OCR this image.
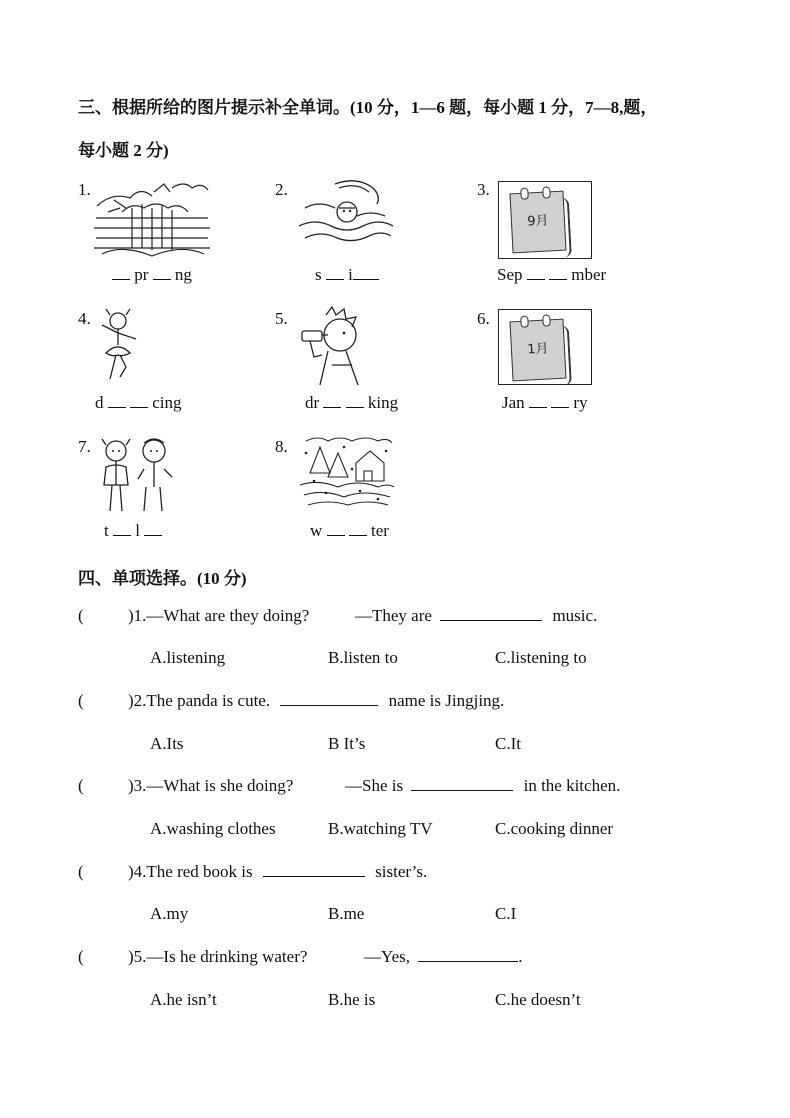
三、根据所给的图片提示补全单词。(10 分，1—6 题，每小题 1 分，7—8,题，
每小题 2 分)
1.
pr ng
2.
s i
3.
9月
Sep	mber
4.
d	cing
5.
dr	king
6.
1月
Jan	ry
7.
t l
8.
w	ter
四、单项选择。(10 分)
(	)1.—What are they doing?	—They are	music.
A.listening	B.listen to	C.listening to
(	)2.The panda is cute.	name is Jingjing.
A.Its	B It’s	C.It
(	)3.—What is she doing?	—She is	in the kitchen.
A.washing clothes	B.watching TV	C.cooking dinner
(	)4.The red book is	sister’s.
A.my	B.me	C.I
(	)5.—Is he drinking water?	—Yes,	.
A.he isn’t	B.he is	C.he doesn’t
